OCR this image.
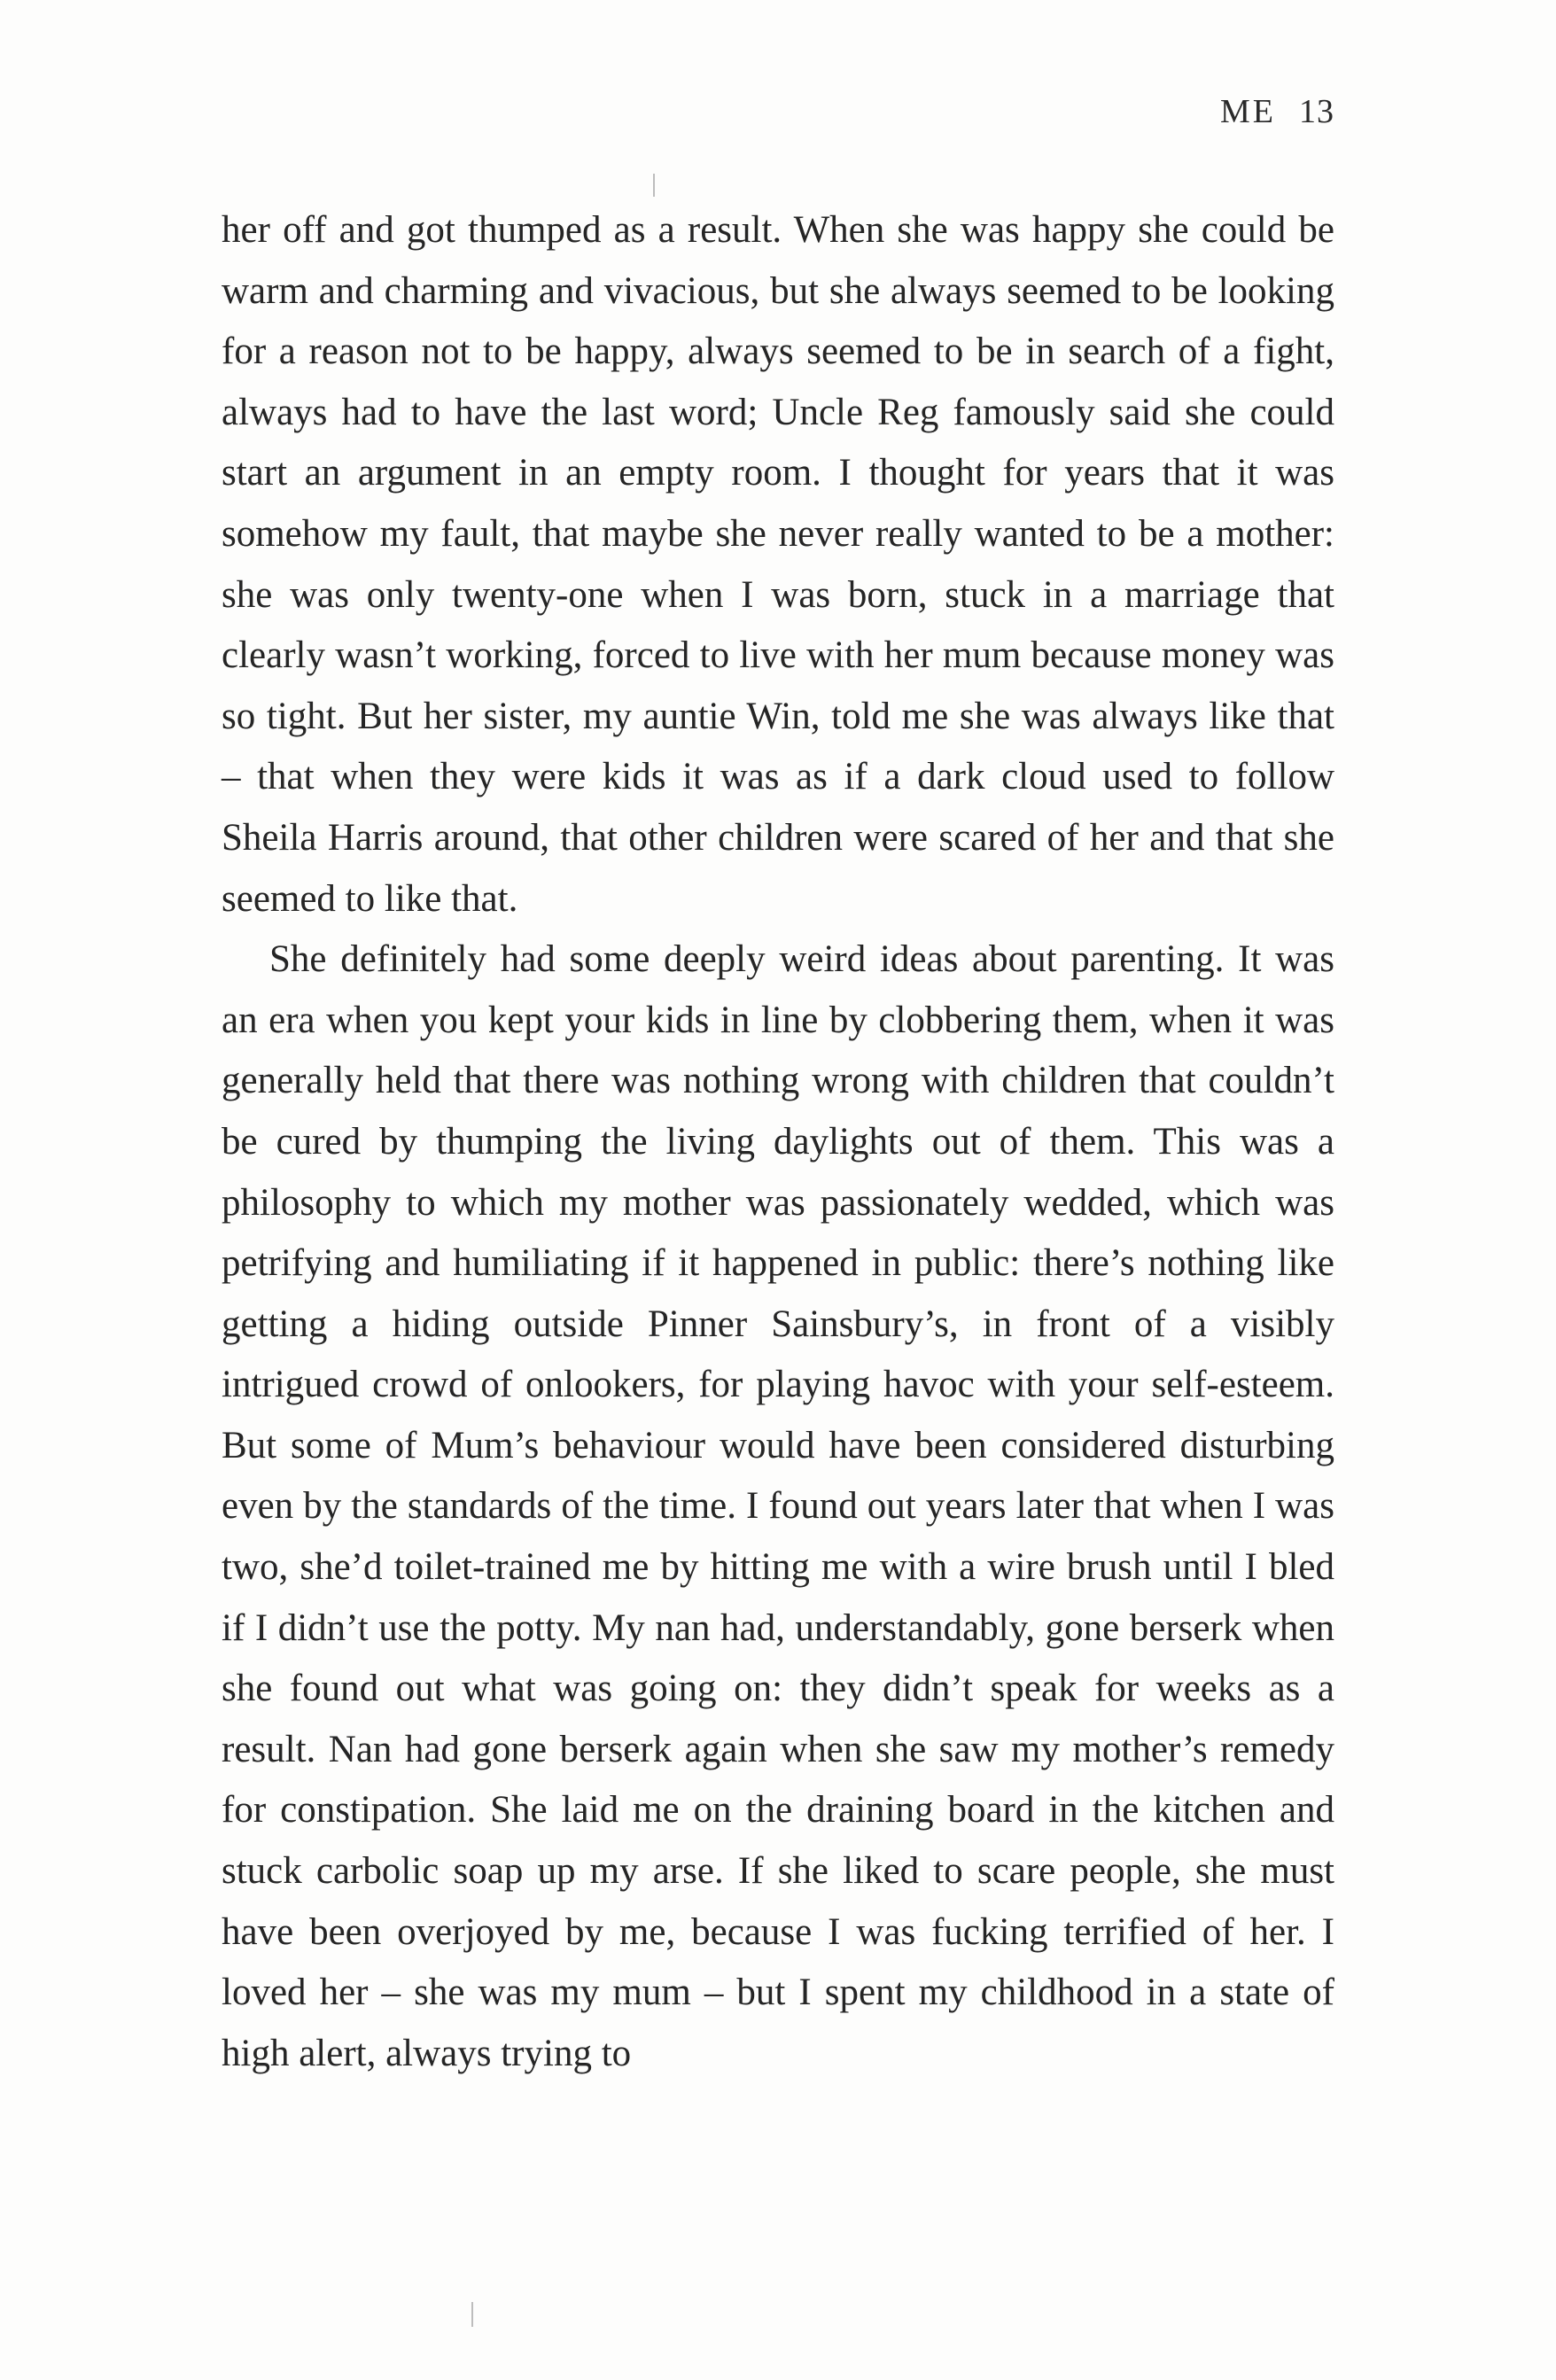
ME 13

her off and got thumped as a result. When she was happy she could be warm and charming and vivacious, but she always seemed to be looking for a reason not to be happy, always seemed to be in search of a fight, always had to have the last word; Uncle Reg famously said she could start an argument in an empty room. I thought for years that it was somehow my fault, that maybe she never really wanted to be a mother: she was only twenty-one when I was born, stuck in a marriage that clearly wasn’t working, forced to live with her mum because money was so tight. But her sister, my auntie Win, told me she was always like that – that when they were kids it was as if a dark cloud used to follow Sheila Harris around, that other children were scared of her and that she seemed to like that.

She definitely had some deeply weird ideas about parenting. It was an era when you kept your kids in line by clobbering them, when it was generally held that there was nothing wrong with children that couldn’t be cured by thumping the living daylights out of them. This was a philosophy to which my mother was passionately wedded, which was petrifying and humiliating if it happened in public: there’s nothing like getting a hiding outside Pinner Sainsbury’s, in front of a visibly intrigued crowd of onlookers, for playing havoc with your self-esteem. But some of Mum’s behaviour would have been considered disturbing even by the standards of the time. I found out years later that when I was two, she’d toilet-trained me by hitting me with a wire brush until I bled if I didn’t use the potty. My nan had, understandably, gone berserk when she found out what was going on: they didn’t speak for weeks as a result. Nan had gone berserk again when she saw my mother’s remedy for constipation. She laid me on the draining board in the kitchen and stuck carbolic soap up my arse. If she liked to scare people, she must have been overjoyed by me, because I was fucking terrified of her. I loved her – she was my mum – but I spent my childhood in a state of high alert, always trying to
